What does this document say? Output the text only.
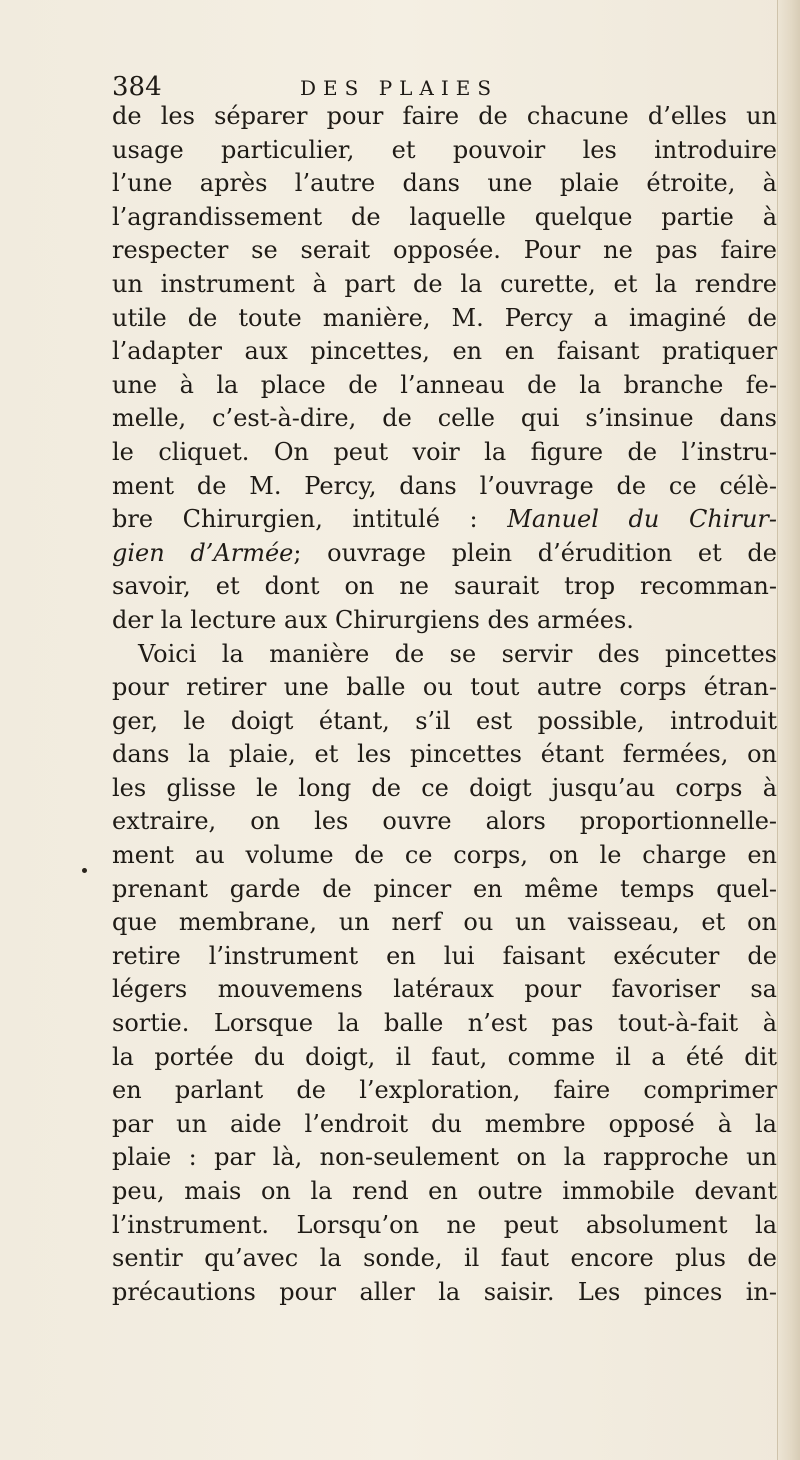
384	DES PLAIES
de les séparer pour faire de chacune d’elles un
usage particulier, et pouvoir les introduire
l’une après l’autre dans une plaie étroite, à
l’agrandissement de laquelle quelque partie à
respecter se serait opposée. Pour ne pas faire
un instrument à part de la curette, et la rendre
utile de toute manière, M. Percy a imaginé de
l’adapter aux pincettes, en en faisant pratiquer
une à la place de l’anneau de la branche fe-
melle, c’est-à-dire, de celle qui s’insinue dans
le cliquet. On peut voir la figure de l’instru-
ment de M. Percy, dans l’ouvrage de ce célè-
bre Chirurgien, intitulé : Manuel du Chirur-
gien d’Armée; ouvrage plein d’érudition et de
savoir, et dont on ne saurait trop recomman-
der la lecture aux Chirurgiens des armées.
Voici la manière de se servir des pincettes
pour retirer une balle ou tout autre corps étran-
ger, le doigt étant, s’il est possible, introduit
dans la plaie, et les pincettes étant fermées, on
les glisse le long de ce doigt jusqu’au corps à
extraire, on les ouvre alors proportionnelle-
ment au volume de ce corps, on le charge en
prenant garde de pincer en même temps quel-
que membrane, un nerf ou un vaisseau, et on
retire l’instrument en lui faisant exécuter de
légers mouvemens latéraux pour favoriser sa
sortie. Lorsque la balle n’est pas tout-à-fait à
la portée du doigt, il faut, comme il a été dit
en parlant de l’exploration, faire comprimer
par un aide l’endroit du membre opposé à la
plaie : par là, non-seulement on la rapproche un
peu, mais on la rend en outre immobile devant
l’instrument. Lorsqu’on ne peut absolument la
sentir qu’avec la sonde, il faut encore plus de
précautions pour aller la saisir. Les pinces in-
